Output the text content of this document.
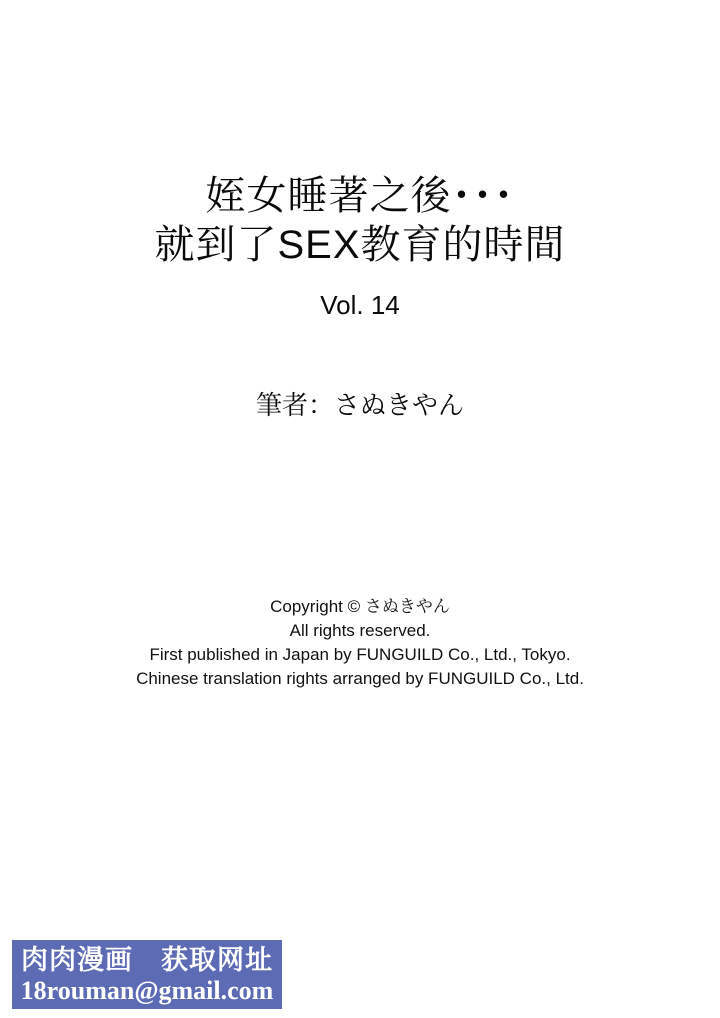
姪女睡著之後･･･
就到了SEX教育的時間
Vol. 14
筆者：さぬきやん
Copyright © さぬきやん
All rights reserved.
First published in Japan by FUNGUILD Co., Ltd., Tokyo.
Chinese translation rights arranged by FUNGUILD Co., Ltd.
肉肉漫画　获取网址
18rouman@gmail.com
